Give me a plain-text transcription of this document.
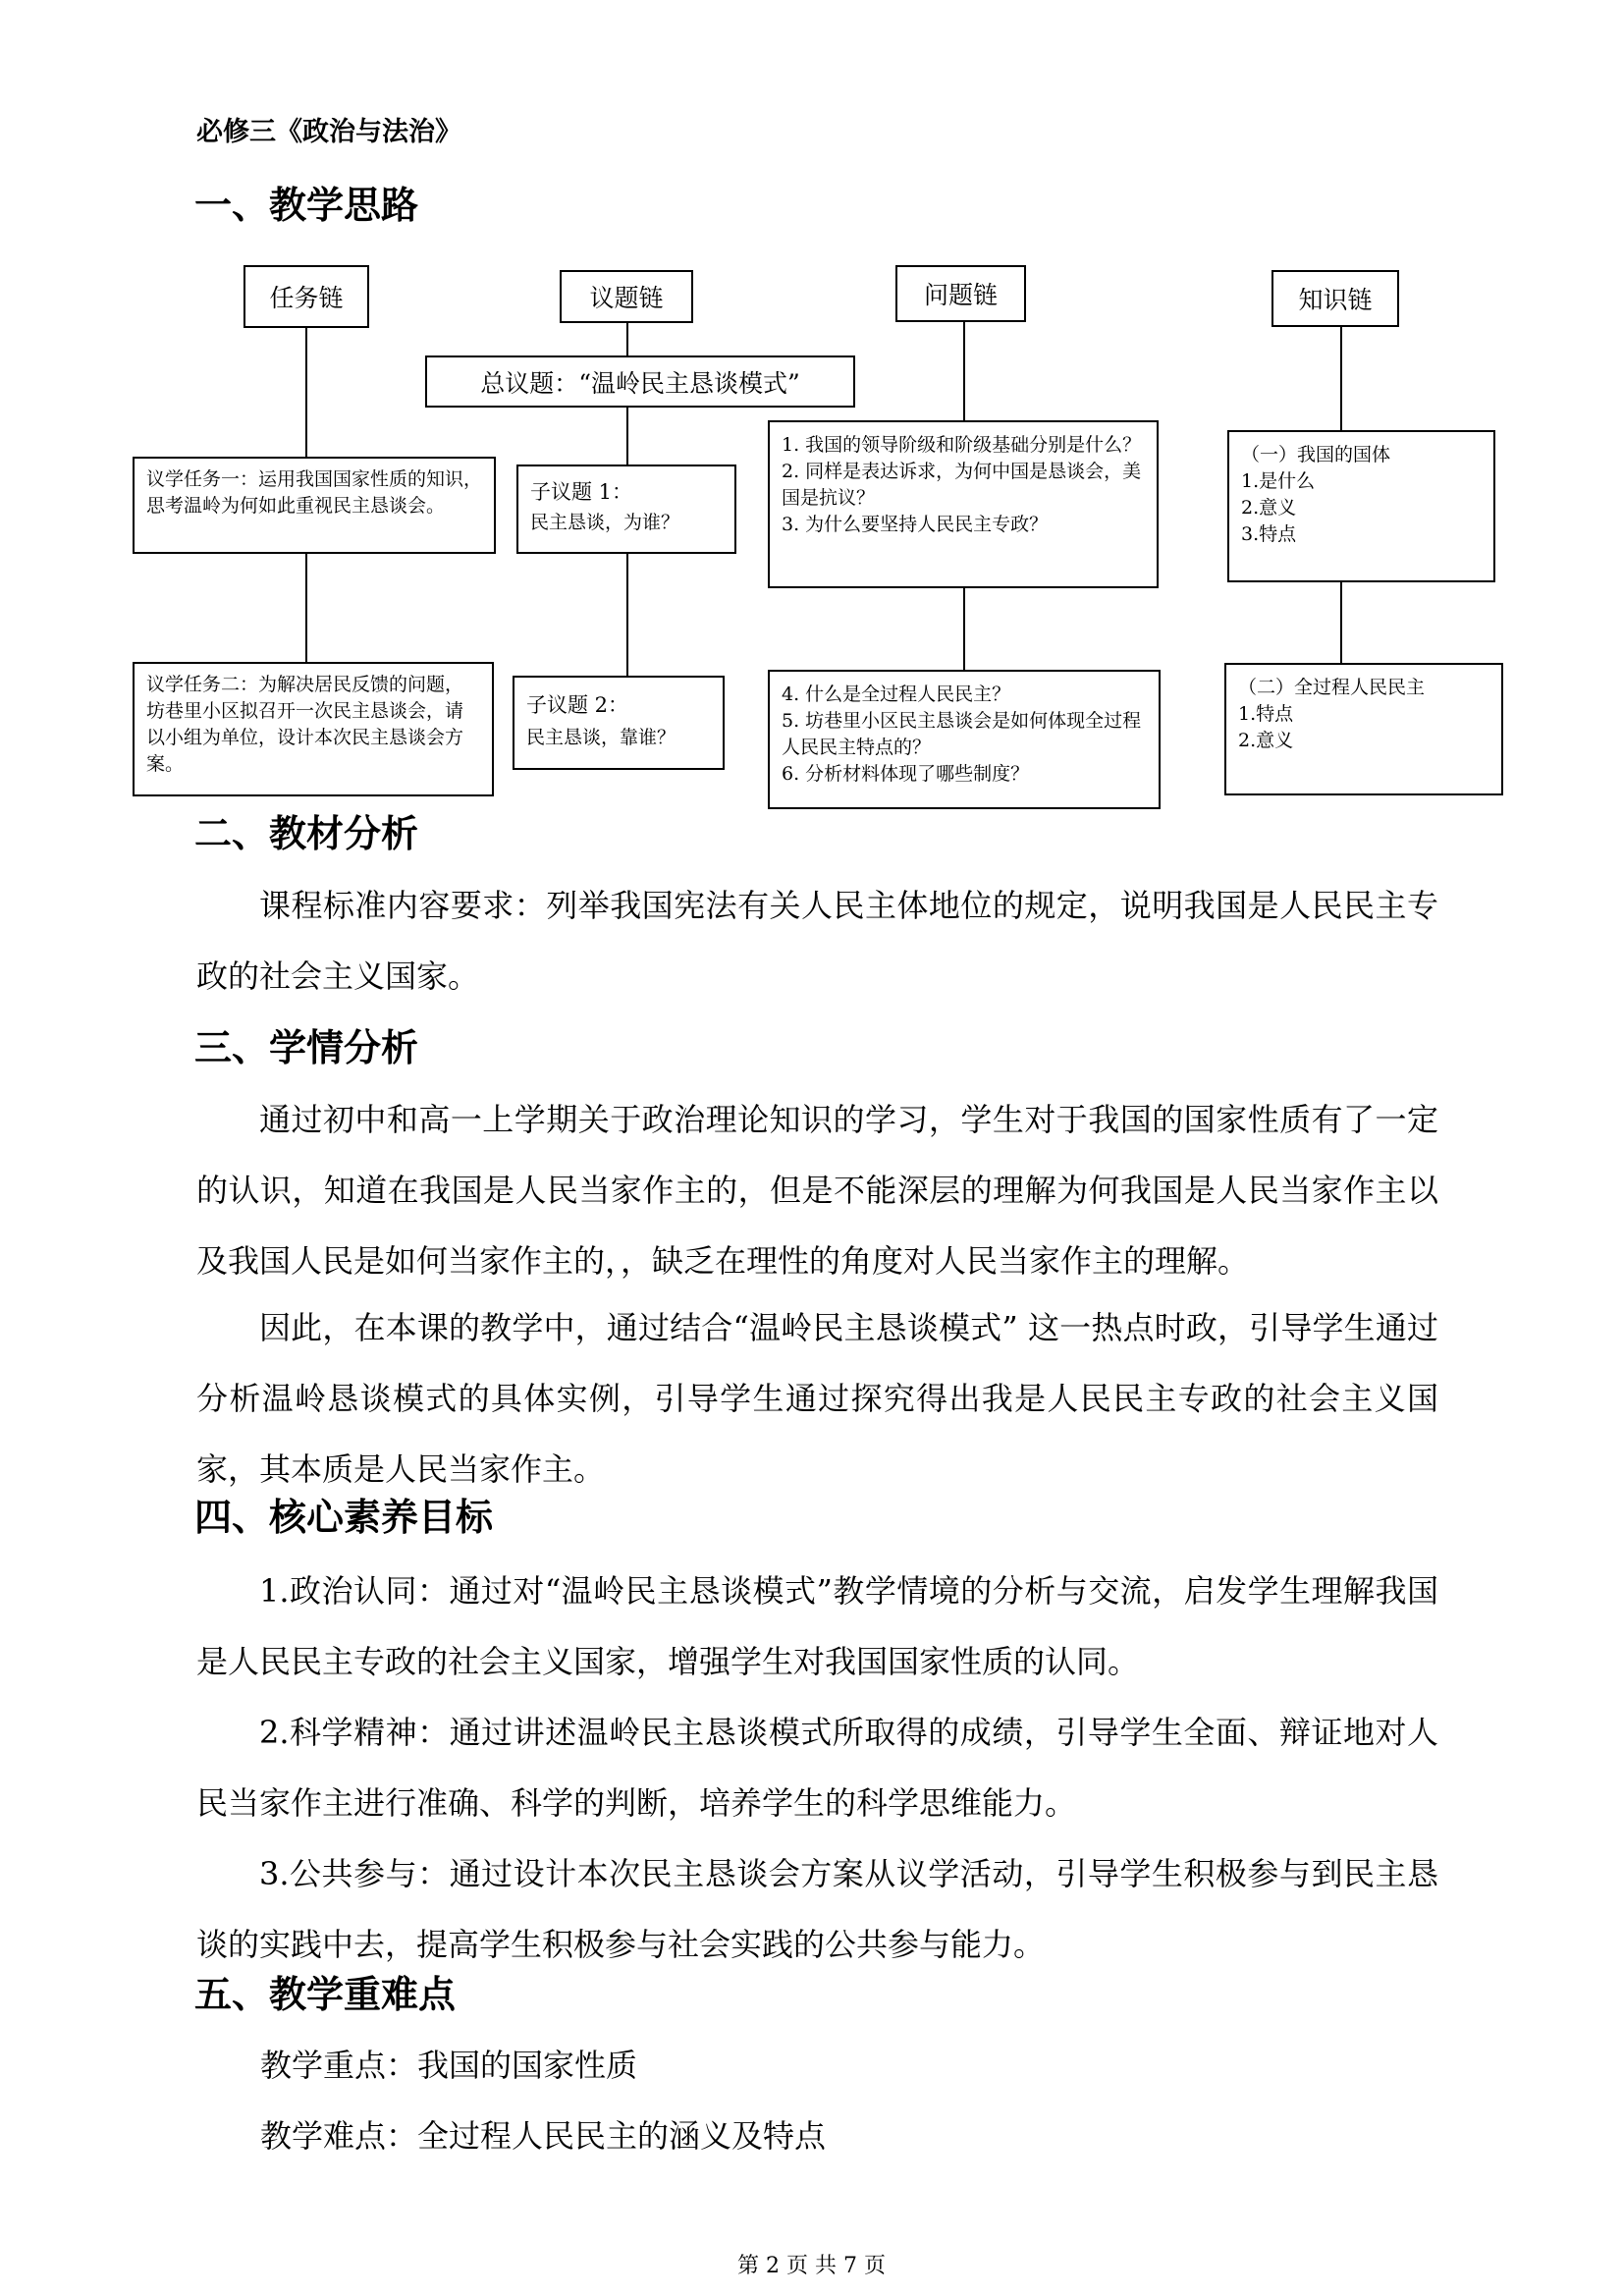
必修三《政治与法治》
一、教学思路
任务链	议题链	问题链	知识链
总议题：“温岭民主恳谈模式”
议学任务一：运用我国国家性质的知识，思考温岭为何如此重视民主恳谈会。
议学任务二：为解决居民反馈的问题，坊巷里小区拟召开一次民主恳谈会，请以小组为单位，设计本次民主恳谈会方案。
子议题 1：
民主恳谈，为谁？
子议题 2：
民主恳谈，靠谁？
1. 我国的领导阶级和阶级基础分别是什么？
2. 同样是表达诉求，为何中国是恳谈会，美国是抗议？
3. 为什么要坚持人民民主专政？
4. 什么是全过程人民民主？
5. 坊巷里小区民主恳谈会是如何体现全过程人民民主特点的？
6. 分析材料体现了哪些制度？
（一）我国的国体
1.是什么
2.意义
3.特点
（二）全过程人民民主
1.特点
2.意义
二、教材分析
课程标准内容要求：列举我国宪法有关人民主体地位的规定，说明我国是人民民主专政的社会主义国家。
三、学情分析
通过初中和高一上学期关于政治理论知识的学习，学生对于我国的国家性质有了一定的认识，知道在我国是人民当家作主的，但是不能深层的理解为何我国是人民当家作主以及我国人民是如何当家作主的，，缺乏在理性的角度对人民当家作主的理解。
因此，在本课的教学中，通过结合“温岭民主恳谈模式” 这一热点时政，引导学生通过分析温岭恳谈模式的具体实例，引导学生通过探究得出我是人民民主专政的社会主义国家，其本质是人民当家作主。
四、核心素养目标
1.政治认同：通过对“温岭民主恳谈模式”教学情境的分析与交流，启发学生理解我国是人民民主专政的社会主义国家，增强学生对我国国家性质的认同。
2.科学精神：通过讲述温岭民主恳谈模式所取得的成绩，引导学生全面、辩证地对人民当家作主进行准确、科学的判断，培养学生的科学思维能力。
3.公共参与：通过设计本次民主恳谈会方案从议学活动，引导学生积极参与到民主恳谈的实践中去，提高学生积极参与社会实践的公共参与能力。
五、教学重难点
教学重点：我国的国家性质
教学难点：全过程人民民主的涵义及特点
第 2 页 共 7 页
